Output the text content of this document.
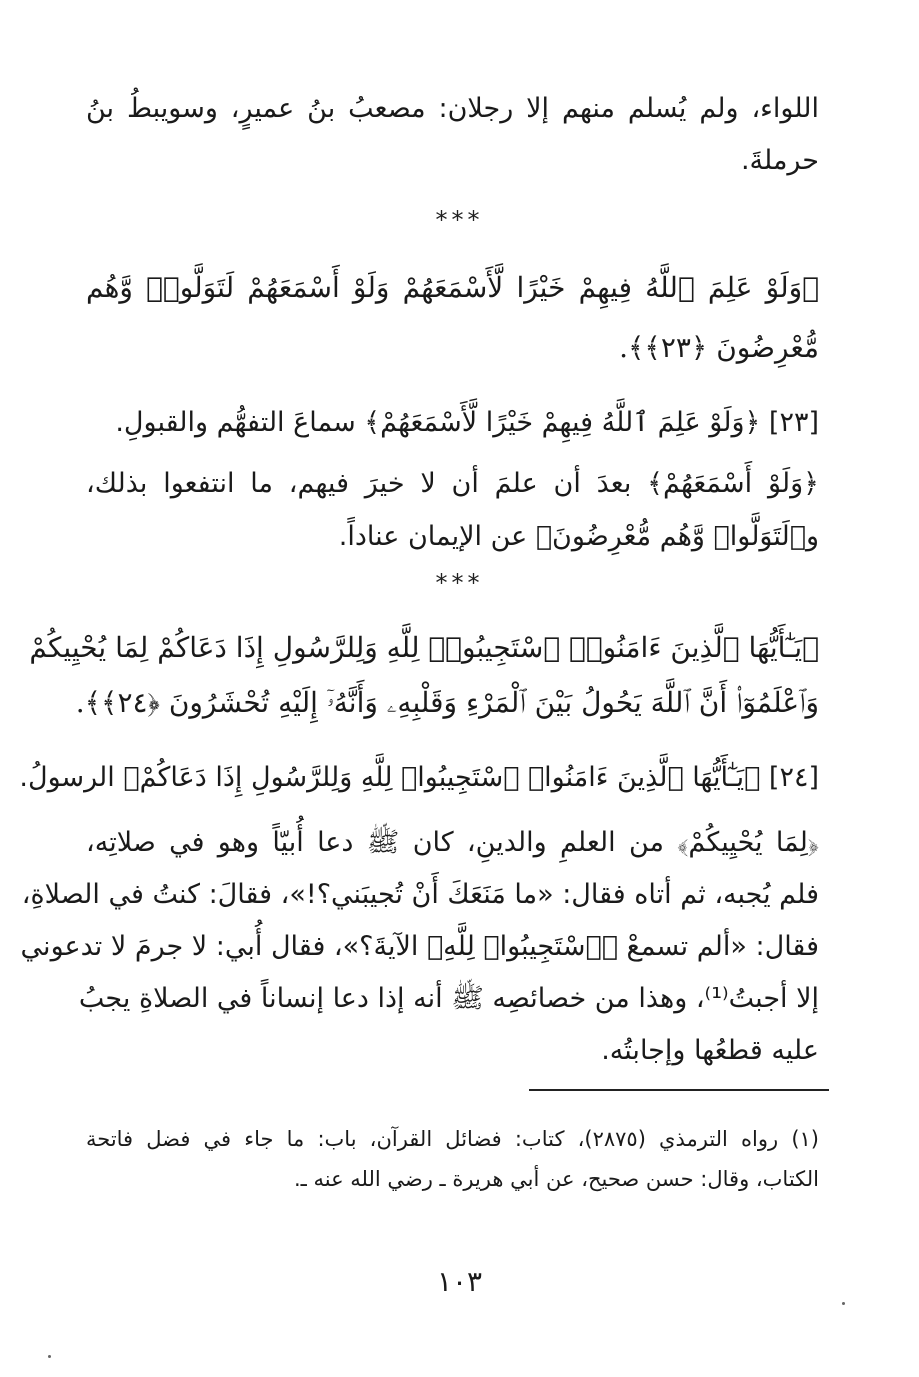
اللواء، ولم يُسلم منهم إلا رجلان: مصعبُ بنُ عميرٍ، وسويبطُ بنُ
حرملةَ.
***
﴿وَلَوْ عَلِمَ ٱللَّهُ فِيهِمْ خَيْرًا لَّأَسْمَعَهُمْ وَلَوْ أَسْمَعَهُمْ لَتَوَلَّوا۟ وَّهُم
مُّعْرِضُونَ ﴿٢٣﴾﴾.
[٢٣] ﴿وَلَوْ عَلِمَ ٱللَّهُ فِيهِمْ خَيْرًا لَّأَسْمَعَهُمْ﴾ سماعَ التفهُّم والقبولِ.
﴿وَلَوْ أَسْمَعَهُمْ﴾ بعدَ أن علمَ أن لا خيرَ فيهم، ما انتفعوا بذلك،
و﴿لَتَوَلَّوا۟ وَّهُم مُّعْرِضُونَ﴾ عن الإيمان عناداً.
***
﴿يَـٰٓأَيُّهَا ٱلَّذِينَ ءَامَنُوا۟ ٱسْتَجِيبُوا۟ لِلَّهِ وَلِلرَّسُولِ إِذَا دَعَاكُمْ لِمَا يُحْيِيكُمْ
وَٱعْلَمُوٓا۟ أَنَّ ٱللَّهَ يَحُولُ بَيْنَ ٱلْمَرْءِ وَقَلْبِهِۦ وَأَنَّهُۥٓ إِلَيْهِ تُحْشَرُونَ ﴿٢٤﴾﴾.
[٢٤] ﴿يَـٰٓأَيُّهَا ٱلَّذِينَ ءَامَنُوا۟ ٱسْتَجِيبُوا۟ لِلَّهِ وَلِلرَّسُولِ إِذَا دَعَاكُمْ﴾ الرسولُ.
﴿لِمَا يُحْيِيكُمْ﴾ من العلمِ والدينِ، كان ﷺ دعا أُبيّاً وهو في صلاتِه،
فلم يُجبه، ثم أتاه فقال: «ما مَنَعَكَ أَنْ تُجيبَني؟!»، فقالَ: كنتُ في الصلاةِ،
فقال: «ألم تسمعْ ﴿ٱسْتَجِيبُوا۟ لِلَّهِ﴾ الآيةَ؟»، فقال أُبي: لا جرمَ لا تدعوني
إلا أجبتُ⁽¹⁾، وهذا من خصائصِه ﷺ أنه إذا دعا إنساناً في الصلاةِ يجبُ
عليه قطعُها وإجابتُه.
(١) رواه الترمذي (٢٨٧٥)، كتاب: فضائل القرآن، باب: ما جاء في فضل فاتحة
الكتاب، وقال: حسن صحيح، عن أبي هريرة ـ رضي الله عنه ـ.
١٠٣
